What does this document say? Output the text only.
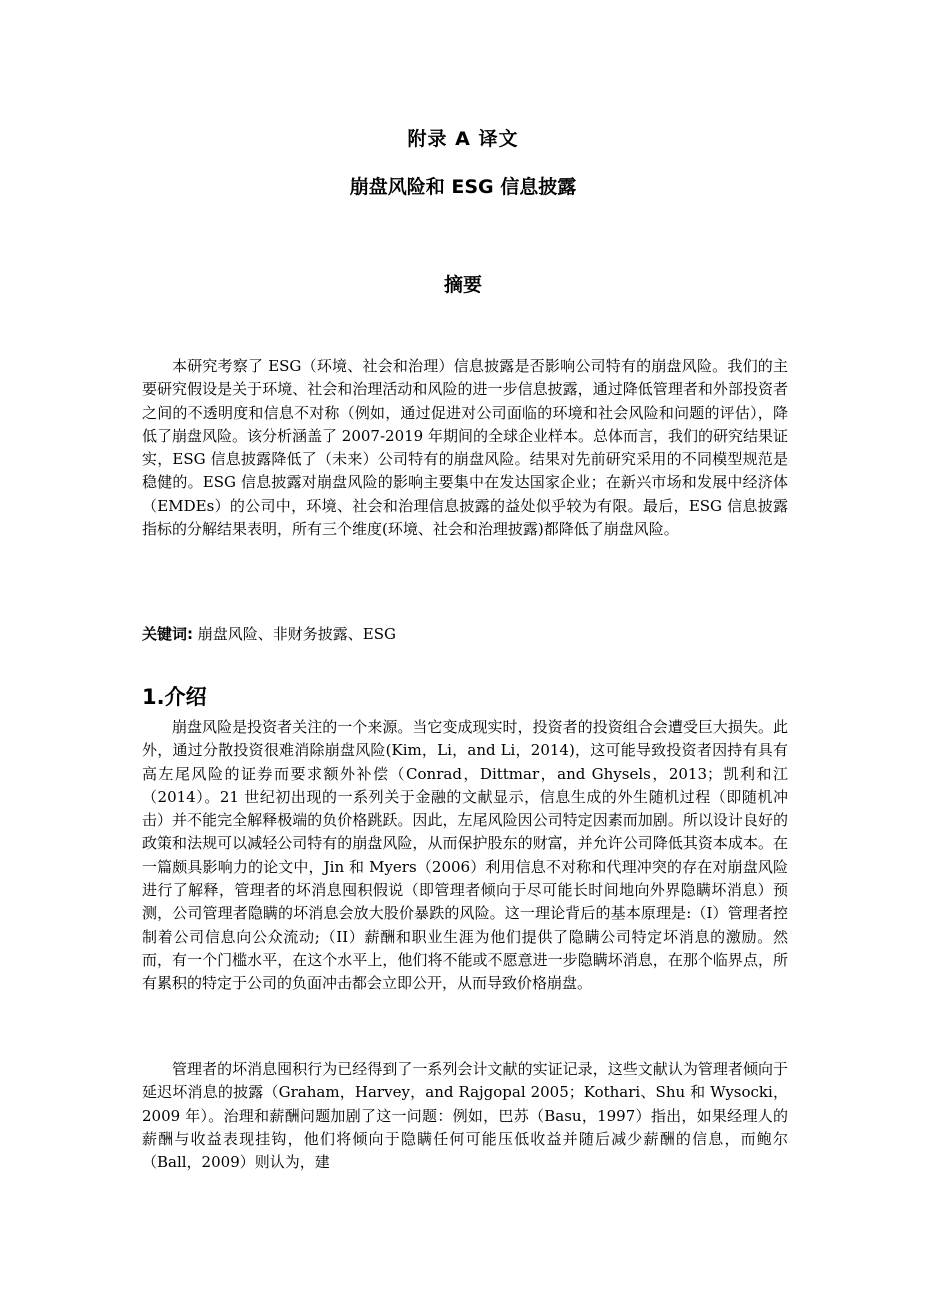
附录 A 译文
崩盘风险和 ESG 信息披露
摘要

本研究考察了 ESG（环境、社会和治理）信息披露是否影响公司特有的崩盘风险。我们的主要研究假设是关于环境、社会和治理活动和风险的进一步信息披露，通过降低管理者和外部投资者之间的不透明度和信息不对称（例如，通过促进对公司面临的环境和社会风险和问题的评估），降低了崩盘风险。该分析涵盖了 2007-2019 年期间的全球企业样本。总体而言，我们的研究结果证实，ESG 信息披露降低了（未来）公司特有的崩盘风险。结果对先前研究采用的不同模型规范是稳健的。ESG 信息披露对崩盘风险的影响主要集中在发达国家企业；在新兴市场和发展中经济体（EMDEs）的公司中，环境、社会和治理信息披露的益处似乎较为有限。最后，ESG 信息披露指标的分解结果表明，所有三个维度(环境、社会和治理披露)都降低了崩盘风险。

关键词: 崩盘风险、非财务披露、ESG

1.介绍

崩盘风险是投资者关注的一个来源。当它变成现实时，投资者的投资组合会遭受巨大损失。此外，通过分散投资很难消除崩盘风险(Kim，Li，and Li，2014)，这可能导致投资者因持有具有高左尾风险的证券而要求额外补偿（Conrad，Dittmar，and Ghysels，2013；凯利和江（2014）。21 世纪初出现的一系列关于金融的文献显示，信息生成的外生随机过程（即随机冲击）并不能完全解释极端的负价格跳跃。因此，左尾风险因公司特定因素而加剧。所以设计良好的政策和法规可以减轻公司特有的崩盘风险，从而保护股东的财富，并允许公司降低其资本成本。在一篇颇具影响力的论文中，Jin 和 Myers（2006）利用信息不对称和代理冲突的存在对崩盘风险进行了解释，管理者的坏消息囤积假说（即管理者倾向于尽可能长时间地向外界隐瞒坏消息）预测，公司管理者隐瞒的坏消息会放大股价暴跌的风险。这一理论背后的基本原理是:（I）管理者控制着公司信息向公众流动;（II）薪酬和职业生涯为他们提供了隐瞒公司特定坏消息的激励。然而，有一个门槛水平，在这个水平上，他们将不能或不愿意进一步隐瞒坏消息，在那个临界点，所有累积的特定于公司的负面冲击都会立即公开，从而导致价格崩盘。

管理者的坏消息囤积行为已经得到了一系列会计文献的实证记录，这些文献认为管理者倾向于延迟坏消息的披露（Graham，Harvey，and Rajgopal 2005；Kothari、Shu 和 Wysocki，2009 年）。治理和薪酬问题加剧了这一问题：例如，巴苏（Basu，1997）指出，如果经理人的薪酬与收益表现挂钩，他们将倾向于隐瞒任何可能压低收益并随后减少薪酬的信息，而鲍尔（Ball，2009）则认为，建
